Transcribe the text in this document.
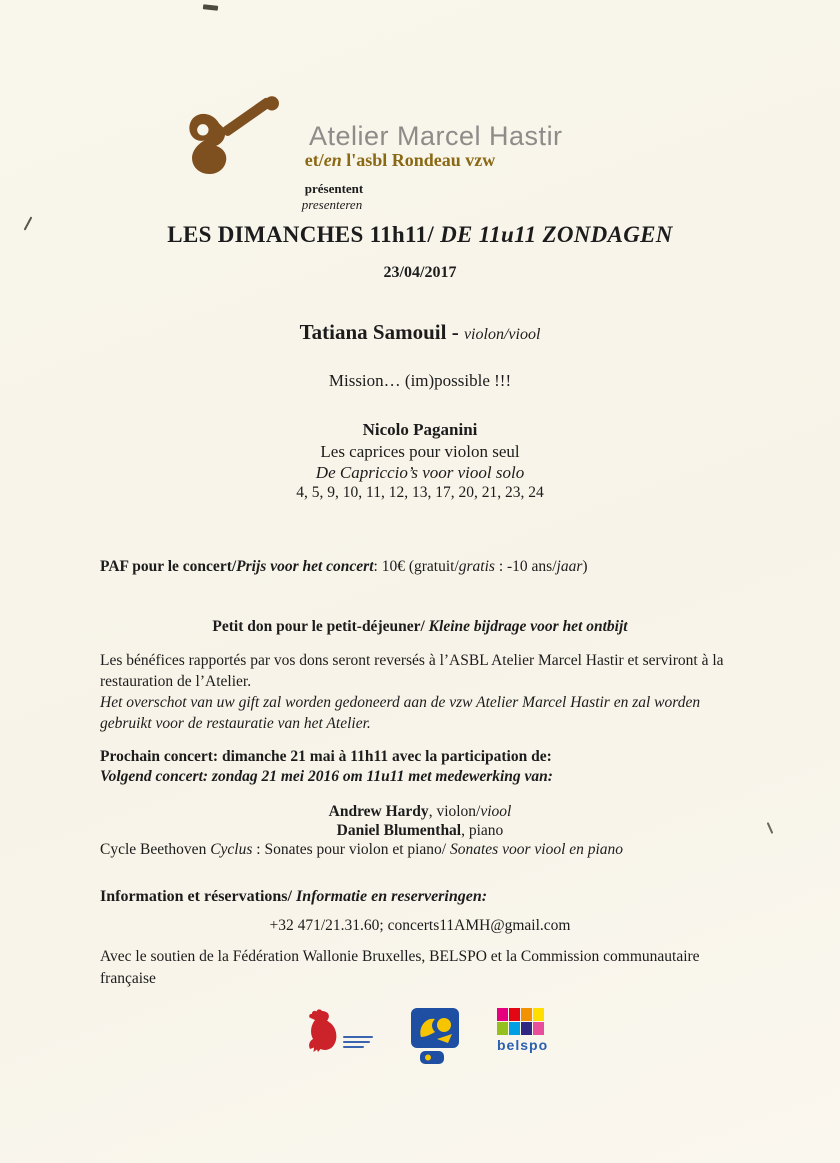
Atelier Marcel Hastir
et/en l'asbl Rondeau vzw
présentent
presenteren
LES DIMANCHES 11h11/ DE 11u11 ZONDAGEN
23/04/2017
Tatiana Samouil - violon/viool
Mission… (im)possible !!!
Nicolo Paganini
Les caprices pour violon seul
De Capriccio’s voor viool solo
4, 5, 9, 10, 11, 12, 13, 17, 20, 21, 23, 24
PAF pour le concert/Prijs voor het concert: 10€ (gratuit/gratis : -10 ans/jaar)
Petit don pour le petit-déjeuner/ Kleine bijdrage voor het ontbijt
Les bénéfices rapportés par vos dons seront reversés à l’ASBL Atelier Marcel Hastir et serviront à la restauration de l’Atelier.
Het overschot van uw gift zal worden gedoneerd aan de vzw Atelier Marcel Hastir en zal worden gebruikt voor de restauratie van het Atelier.
Prochain concert: dimanche 21 mai à 11h11 avec la participation de:
Volgend concert: zondag 21 mei 2016 om 11u11 met medewerking van:
Andrew Hardy, violon/viool
Daniel Blumenthal, piano
Cycle Beethoven Cyclus : Sonates pour violon et piano/ Sonates voor viool en piano
Information et réservations/ Informatie en reserveringen:
+32 471/21.31.60; concerts11AMH@gmail.com
Avec le soutien de la Fédération Wallonie Bruxelles, BELSPO et la Commission communautaire française
belspo
